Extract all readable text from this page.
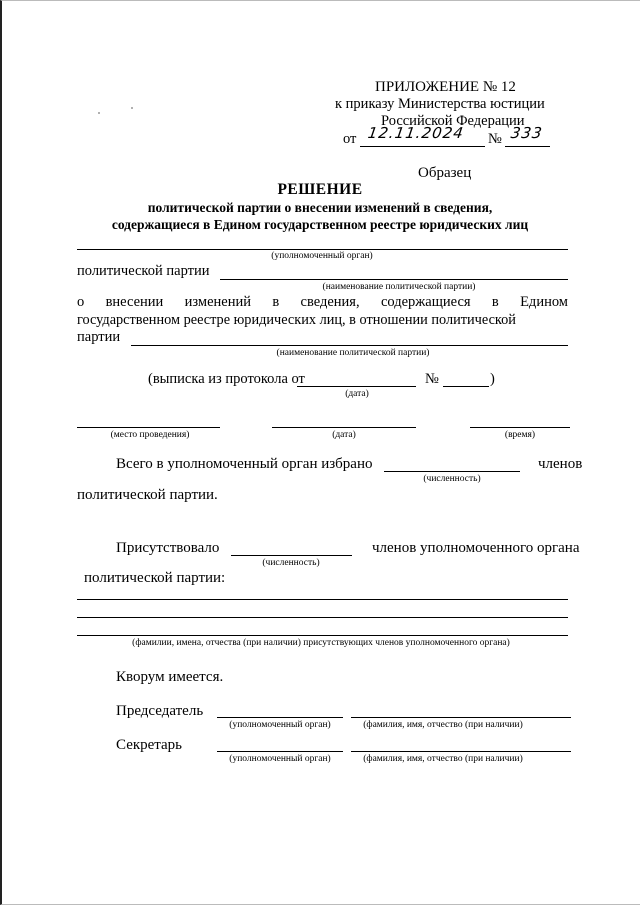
ПРИЛОЖЕНИЕ № 12
к приказу Министерства юстиции
Российской Федерации
от 12.11.2024 № 333
Образец
РЕШЕНИЕ
политической партии о внесении изменений в сведения,
содержащиеся в Едином государственном реестре юридических лиц
(уполномоченный орган)
политической партии
(наименование политической партии)
о внесении изменений в сведения, содержащиеся в Едином
государственном реестре юридических лиц, в отношении политической
партии
(наименование политической партии)
(выписка из протокола от	№	)
(дата)
(место проведения)	(дата)	(время)
Всего в уполномоченный орган избрано	членов
(численность)
политической партии.
Присутствовало	членов уполномоченного органа
(численность)
политической партии:
(фамилии, имена, отчества (при наличии) присутствующих членов уполномоченного органа)
Кворум имеется.
Председатель
(уполномоченный орган)	(фамилия, имя, отчество (при наличии)
Секретарь
(уполномоченный орган)	(фамилия, имя, отчество (при наличии)
